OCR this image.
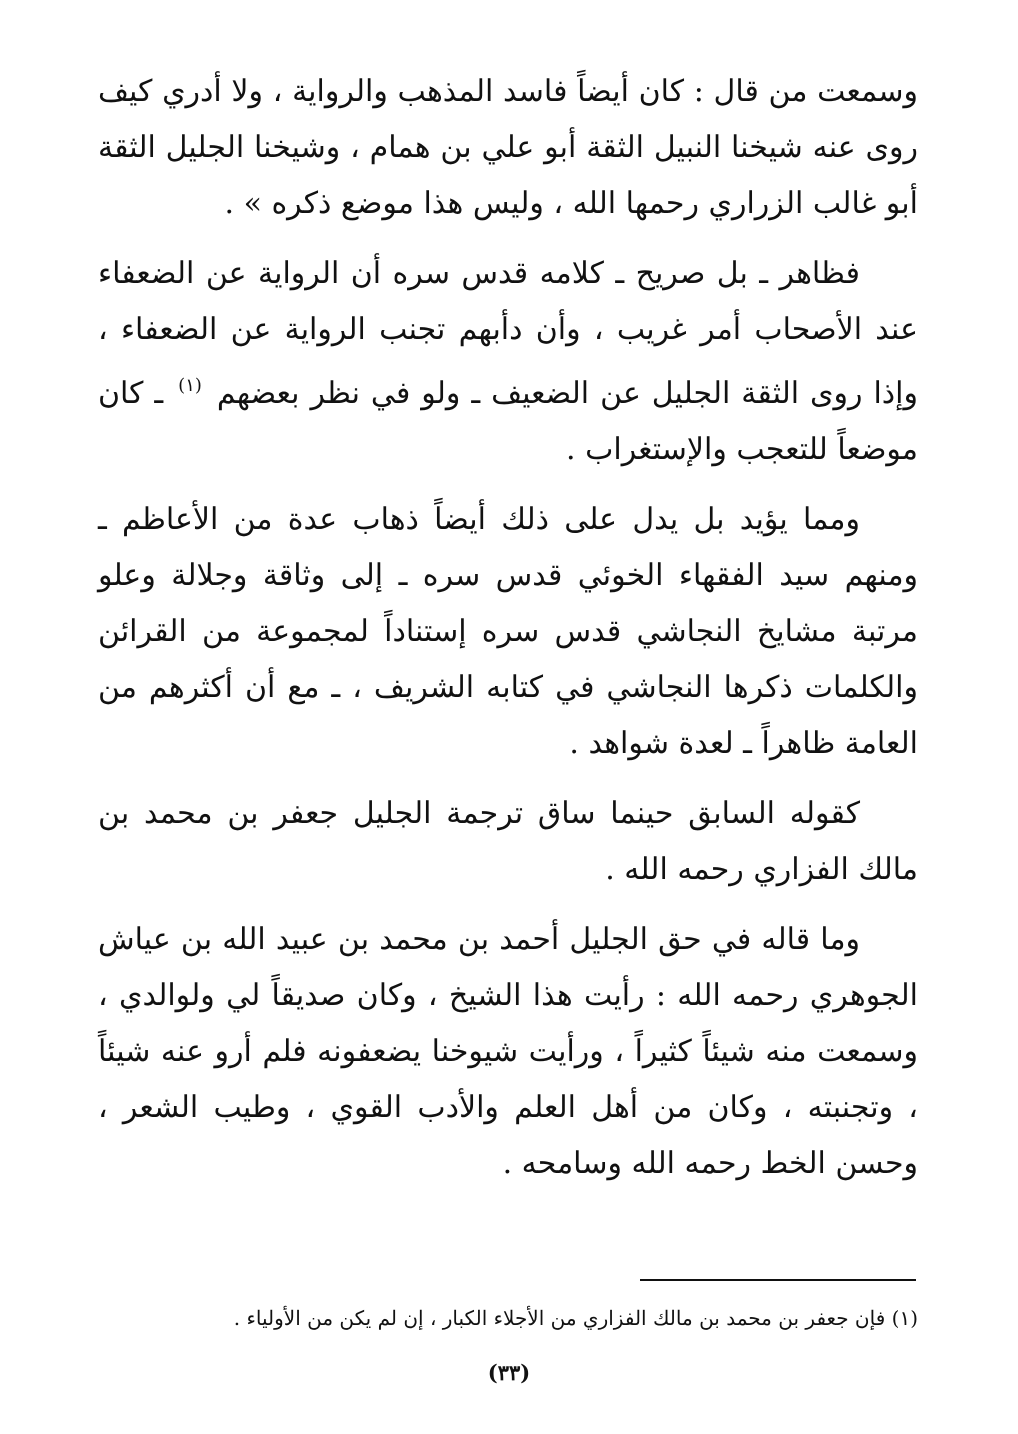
وسمعت من قال : كان أيضاً فاسد المذهب والرواية ، ولا أدري كيف روى عنه شيخنا النبيل الثقة أبو علي بن همام ، وشيخنا الجليل الثقة أبو غالب الزراري رحمها الله ، وليس هذا موضع ذكره » .

فظاهر ـ بل صريح ـ كلامه قدس سره أن الرواية عن الضعفاء عند الأصحاب أمر غريب ، وأن دأبهم تجنب الرواية عن الضعفاء ، وإذا روى الثقة الجليل عن الضعيف ـ ولو في نظر بعضهم $^{(١)}$ ـ كان موضعاً للتعجب والإستغراب .

ومما يؤيد بل يدل على ذلك أيضاً ذهاب عدة من الأعاظم ـ ومنهم سيد الفقهاء الخوئي قدس سره ـ إلى وثاقة وجلالة وعلو مرتبة مشايخ النجاشي قدس سره إستناداً لمجموعة من القرائن والكلمات ذكرها النجاشي في كتابه الشريف ، ـ مع أن أكثرهم من العامة ظاهراً ـ لعدة شواهد .

كقوله السابق حينما ساق ترجمة الجليل جعفر بن محمد بن مالك الفزاري رحمه الله .

وما قاله في حق الجليل أحمد بن محمد بن عبيد الله بن عياش الجوهري رحمه الله : رأيت هذا الشيخ ، وكان صديقاً لي ولوالدي ، وسمعت منه شيئاً كثيراً ، ورأيت شيوخنا يضعفونه فلم أرو عنه شيئاً ، وتجنبته ، وكان من أهل العلم والأدب القوي ، وطيب الشعر ، وحسن الخط رحمه الله وسامحه .

(١) فإن جعفر بن محمد بن مالك الفزاري من الأجلاء الكبار ، إن لم يكن من الأولياء .
(٣٣)
